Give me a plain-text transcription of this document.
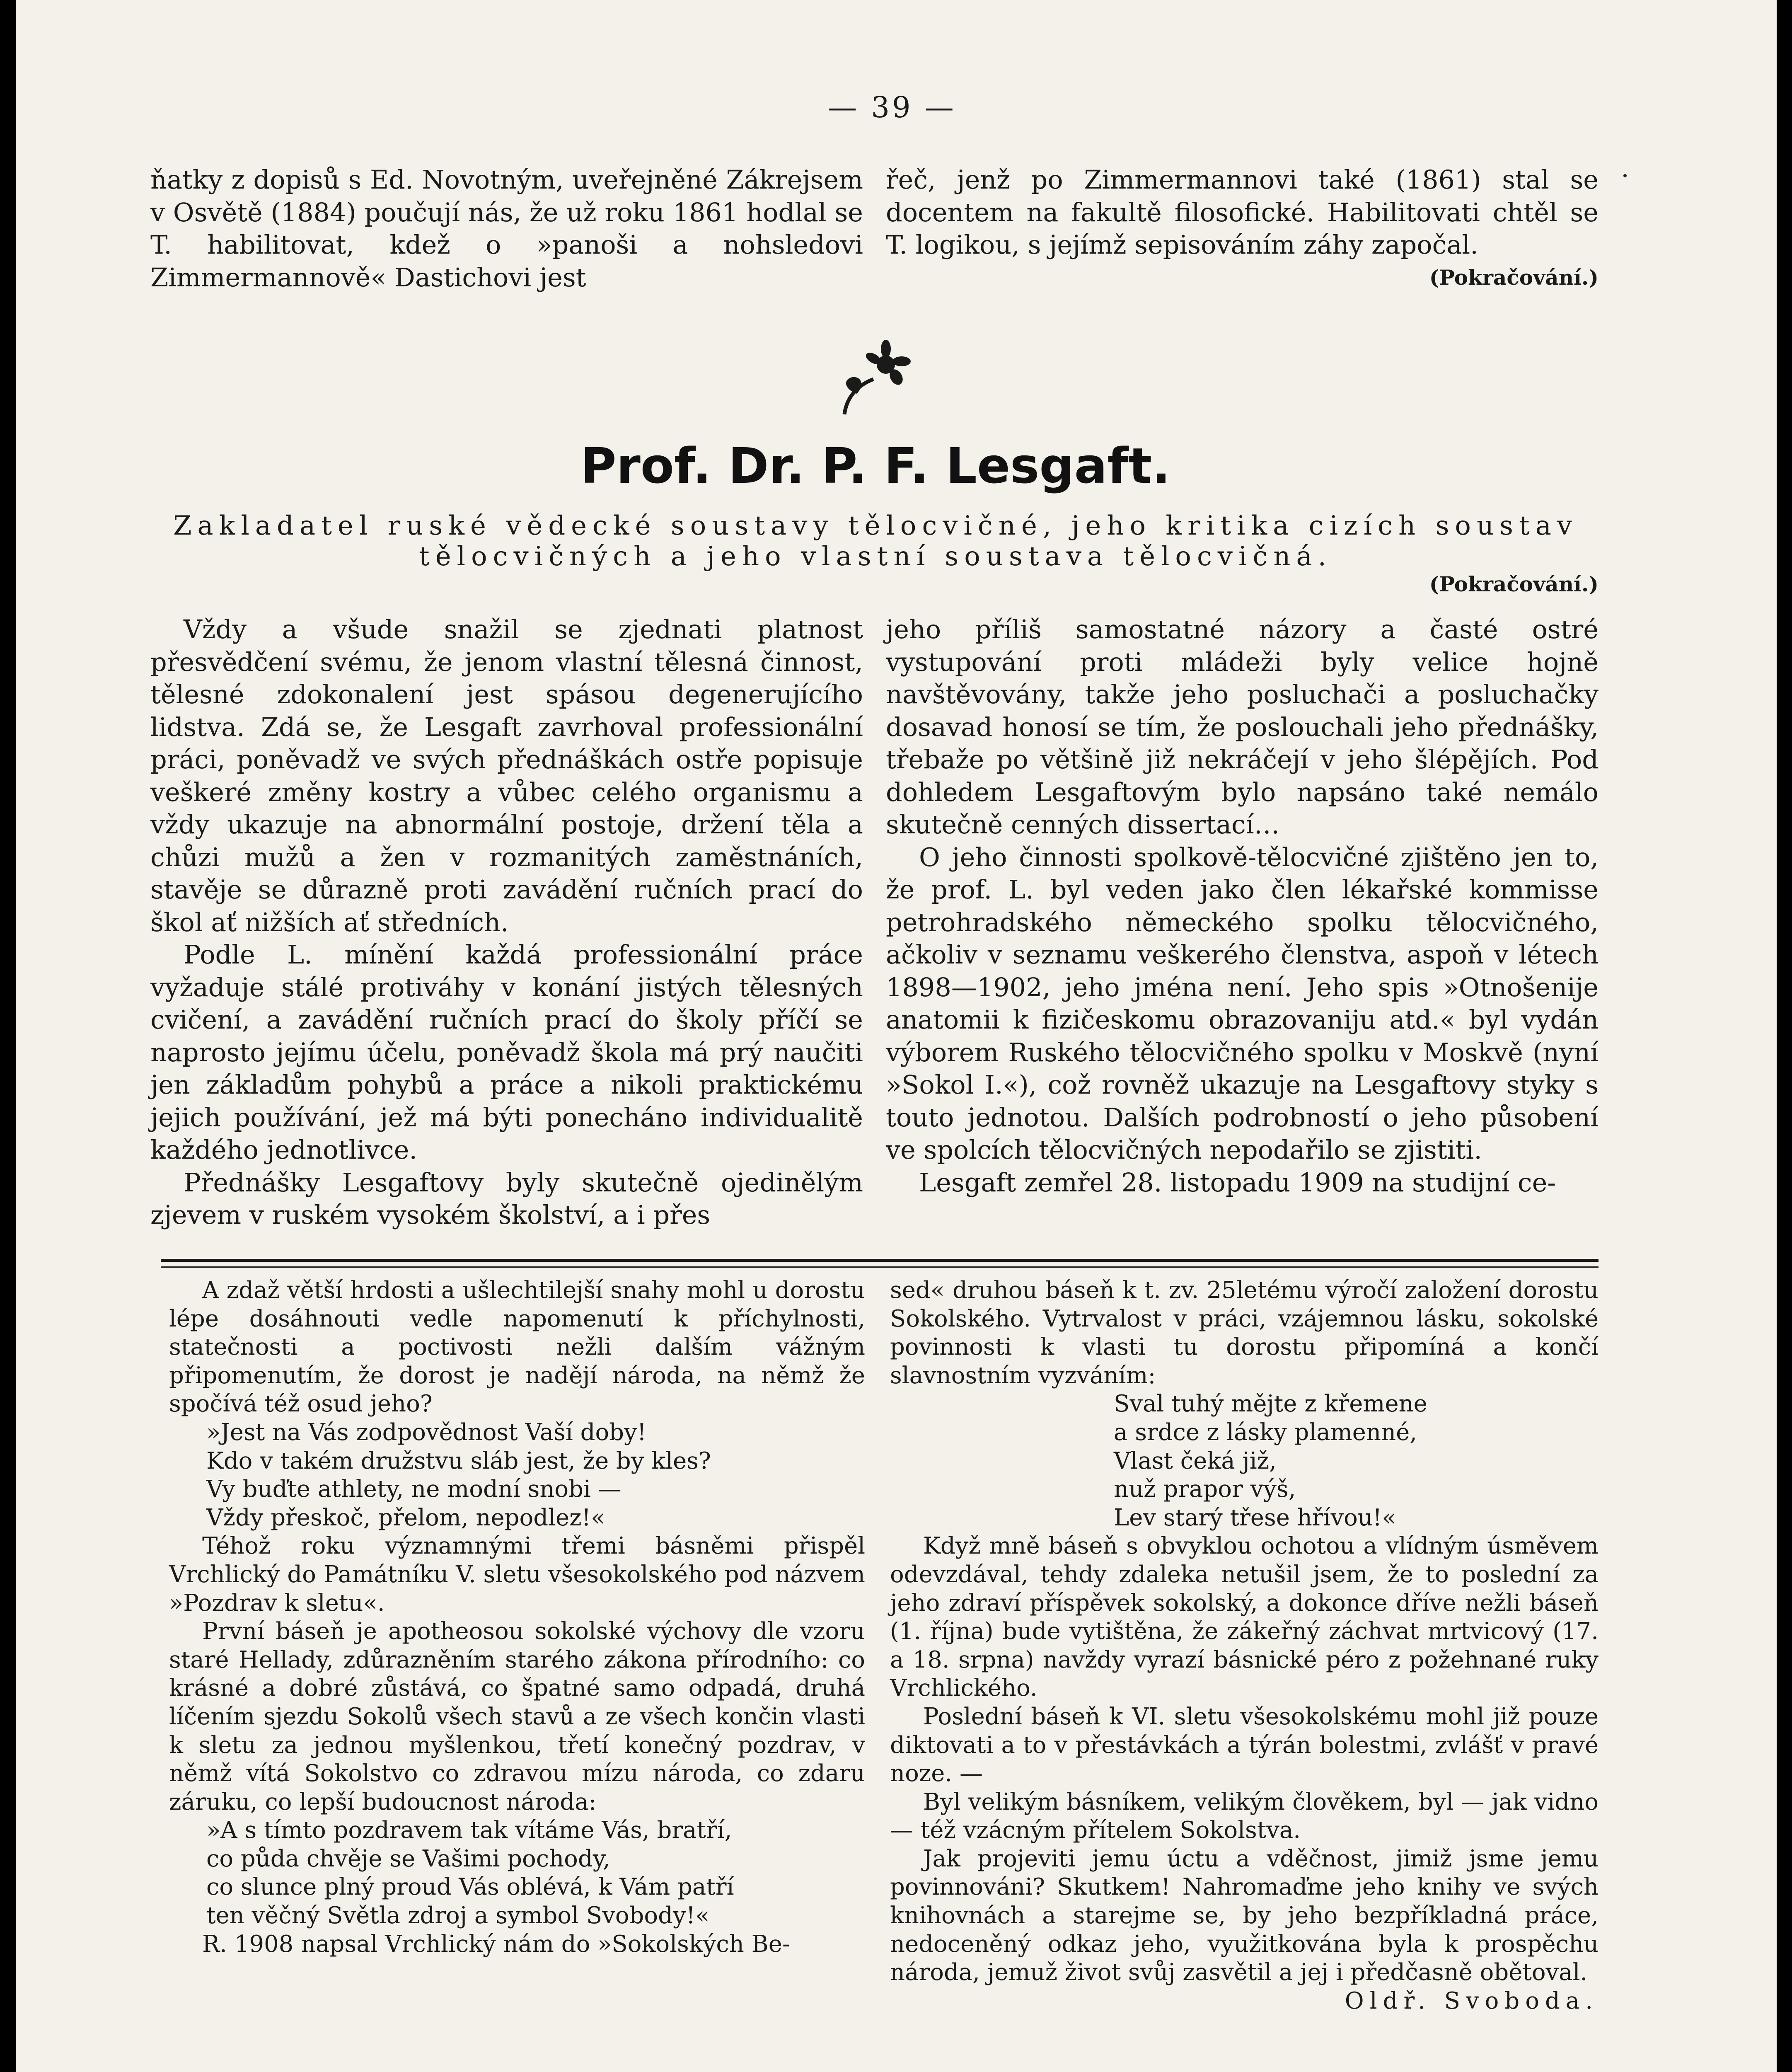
— 39 —

ňatky z dopisů s Ed. Novotným, uveřejněné Zákrejsem v Osvětě (1884) poučují nás, že už roku 1861 hodlal se T. habilitovat, kdež o »panoši a nohsledovi Zimmermannově« Dastichovi jest

řeč, jenž po Zimmermannovi také (1861) stal se docentem na fakultě filosofické. Habilitovati chtěl se T. logikou, s jejímž sepisováním záhy započal.

(Pokračování.)

Prof. Dr. P. F. Lesgaft.
Zakladatel ruské vědecké soustavy tělocvičné, jeho kritika cizích soustav
tělocvičných a jeho vlastní soustava tělocvičná.
(Pokračování.)

Vždy a všude snažil se zjednati platnost přesvědčení svému, že jenom vlastní tělesná činnost, tělesné zdokonalení jest spásou degenerujícího lidstva. Zdá se, že Lesgaft zavrhoval professionální práci, poněvadž ve svých přednáškách ostře popisuje veškeré změny kostry a vůbec celého organismu a vždy ukazuje na abnormální postoje, držení těla a chůzi mužů a žen v rozmanitých zaměstnáních, stavěje se důrazně proti zavádění ručních prací do škol ať nižších ať středních.

Podle L. mínění každá professionální práce vyžaduje stálé protiváhy v konání jistých tělesných cvičení, a zavádění ručních prací do školy příčí se naprosto jejímu účelu, poněvadž škola má prý naučiti jen základům pohybů a práce a nikoli praktickému jejich používání, jež má býti ponecháno individualitě každého jednotlivce.

Přednášky Lesgaftovy byly skutečně ojedinělým zjevem v ruském vysokém školství, a i přes

jeho příliš samostatné názory a časté ostré vystupování proti mládeži byly velice hojně navštěvovány, takže jeho posluchači a posluchačky dosavad honosí se tím, že poslouchali jeho přednášky, třebaže po většině již nekráčejí v jeho šlépějích. Pod dohledem Lesgaftovým bylo napsáno také nemálo skutečně cenných dissertací…

O jeho činnosti spolkově-tělocvičné zjištěno jen to, že prof. L. byl veden jako člen lékařské kommisse petrohradského německého spolku tělocvičného, ačkoliv v seznamu veškerého členstva, aspoň v létech 1898—1902, jeho jména není. Jeho spis »Otnošenije anatomii k fizičeskomu obrazovaniju atd.« byl vydán výborem Ruského tělocvičného spolku v Moskvě (nyní »Sokol I.«), což rovněž ukazuje na Lesgaftovy styky s touto jednotou. Dalších podrobností o jeho působení ve spolcích tělocvičných nepodařilo se zjistiti.

Lesgaft zemřel 28. listopadu 1909 na studijní ce-

A zdaž větší hrdosti a ušlechtilejší snahy mohl u dorostu lépe dosáhnouti vedle napomenutí k příchylnosti, statečnosti a poctivosti nežli dalším vážným připomenutím, že dorost je nadějí národa, na němž že spočívá též osud jeho?

»Jest na Vás zodpovědnost Vaší doby!
Kdo v takém družstvu sláb jest, že by kles?
Vy buďte athlety, ne modní snobi —
Vždy přeskoč, přelom, nepodlez!«

Téhož roku významnými třemi básněmi přispěl Vrchlický do Památníku V. sletu všesokolského pod názvem »Pozdrav k sletu«.

První báseň je apotheosou sokolské výchovy dle vzoru staré Hellady, zdůrazněním starého zákona přírodního: co krásné a dobré zůstává, co špatné samo odpadá, druhá líčením sjezdu Sokolů všech stavů a ze všech končin vlasti k sletu za jednou myšlenkou, třetí konečný pozdrav, v němž vítá Sokolstvo co zdravou mízu národa, co zdaru záruku, co lepší budoucnost národa:

»A s tímto pozdravem tak vítáme Vás, bratří,
co půda chvěje se Vašimi pochody,
co slunce plný proud Vás oblévá, k Vám patří
ten věčný Světla zdroj a symbol Svobody!«

R. 1908 napsal Vrchlický nám do »Sokolských Be-

sed« druhou báseň k t. zv. 25letému výročí založení dorostu Sokolského. Vytrvalost v práci, vzájemnou lásku, sokolské povinnosti k vlasti tu dorostu připomíná a končí slavnostním vyzváním:

Sval tuhý mějte z křemene
a srdce z lásky plamenné,
Vlast čeká již,
nuž prapor výš,
Lev starý třese hřívou!«

Když mně báseň s obvyklou ochotou a vlídným úsměvem odevzdával, tehdy zdaleka netušil jsem, že to poslední za jeho zdraví příspěvek sokolský, a dokonce dříve nežli báseň (1. října) bude vytištěna, že zákeřný záchvat mrtvicový (17. a 18. srpna) navždy vyrazí básnické péro z požehnané ruky Vrchlického.

Poslední báseň k VI. sletu všesokolskému mohl již pouze diktovati a to v přestávkách a týrán bolestmi, zvlášť v pravé noze. —

Byl velikým básníkem, velikým člověkem, byl — jak vidno — též vzácným přítelem Sokolstva.

Jak projeviti jemu úctu a vděčnost, jimiž jsme jemu povinnováni? Skutkem! Nahromaďme jeho knihy ve svých knihovnách a starejme se, by jeho bezpříkladná práce, nedoceněný odkaz jeho, využitkována byla k prospěchu národa, jemuž život svůj zasvětil a jej i předčasně obětoval.

Oldř. Svoboda.
